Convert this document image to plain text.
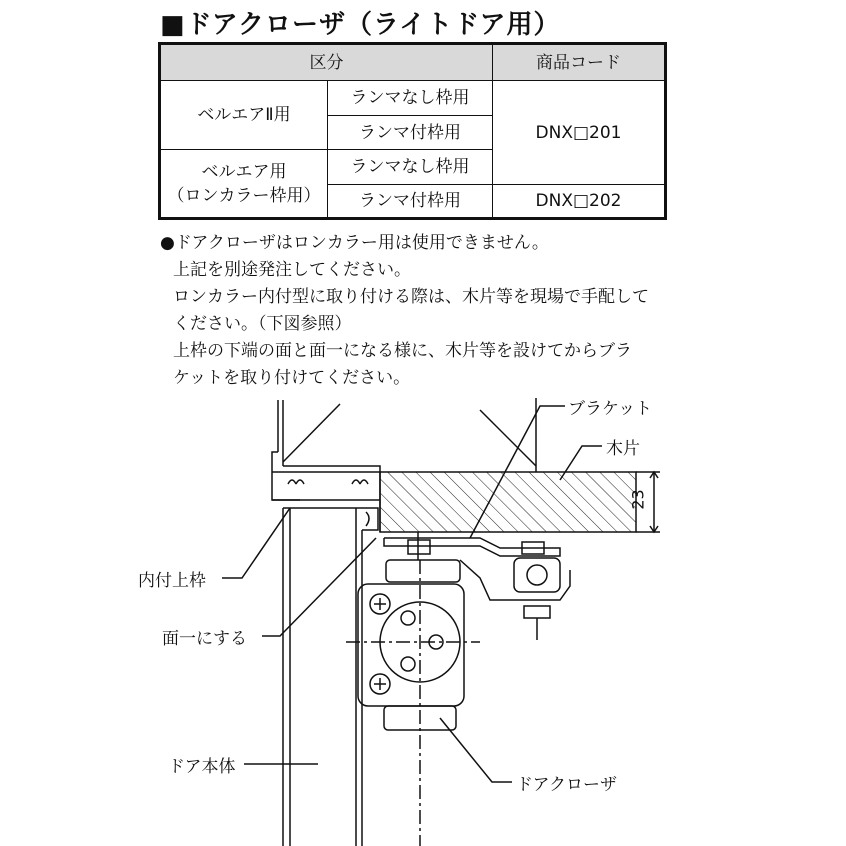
■ドアクローザ（ライトドア用）
区分	商品コード
ベルエアⅡ用
ベルエア用
（ロンカラー枠用）
ランマなし枠用
ランマ付枠用
ランマなし枠用
ランマ付枠用
DNX□201
DNX□202
●ドアクローザはロンカラー用は使用できません。
上記を別途発注してください。
ロンカラー内付型に取り付ける際は、木片等を現場で手配して
ください。（下図参照）
上枠の下端の面と面一になる様に、木片等を設けてからブラ
ケットを取り付けてください。
ブラケット
木片
23
内付上枠
面一にする
ドア本体
ドアクローザ
